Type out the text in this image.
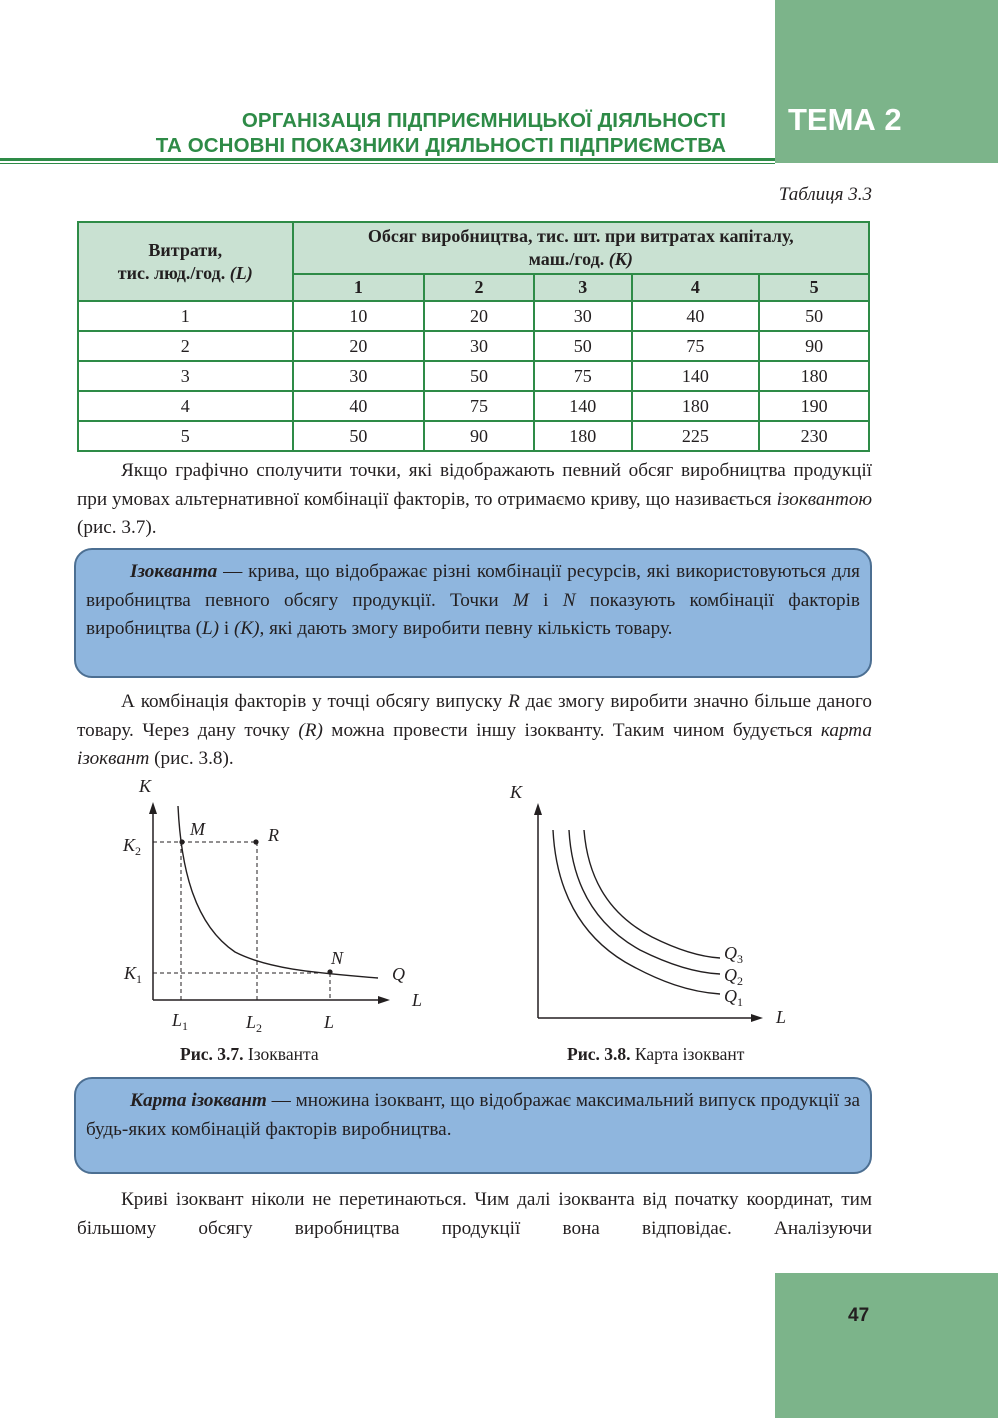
ТЕМА 2
ОРГАНІЗАЦІЯ ПІДПРИЄМНИЦЬКОЇ ДІЯЛЬНОСТІ
ТА ОСНОВНІ ПОКАЗНИКИ ДІЯЛЬНОСТІ ПІДПРИЄМСТВА
Таблиця 3.3
Витрати,
тис. люд./год. (L)	Обсяг виробництва, тис. шт. при витратах капіталу,
маш./год. (К)				
	1	2	3	4	5
1	10	20	30	40	50
2	20	30	50	75	90
3	30	50	75	140	180
4	40	75	140	180	190
5	50	90	180	225	230
Якщо графічно сполучити точки, які відображають певний обсяг виробництва продукції при умовах альтернативної комбінації факторів, то отримаємо криву, що називається ізоквантою (рис. 3.7).
Ізокванта — крива, що відображає різні комбінації ресурсів, які використовуються для виробництва певного обсягу продукції. Точки М і N показують комбінації факторів виробництва (L) і (К), які дають змогу виробити певну кількість товару.
А комбінація факторів у точці обсягу випуску R дає змогу виробити значно більше даного товару. Через дану точку (R) можна провести іншу ізокванту. Таким чином будується карта ізоквант (рис. 3.8).
K
L
$K_2$
$K_1$
$L_1$	$L_2$	L
M	R
N
Q
Рис. 3.7. Ізокванта
K
L
$Q_3$
$Q_2$
$Q_1$
Рис. 3.8. Карта ізоквант
Карта ізоквант — множина ізоквант, що відображає максимальний випуск продукції за будь-яких комбінацій факторів виробництва.
Криві ізоквант ніколи не перетинаються. Чим далі ізокванта від початку координат, тим більшому обсягу виробництва продукції вона відповідає. Аналізуючи
47
